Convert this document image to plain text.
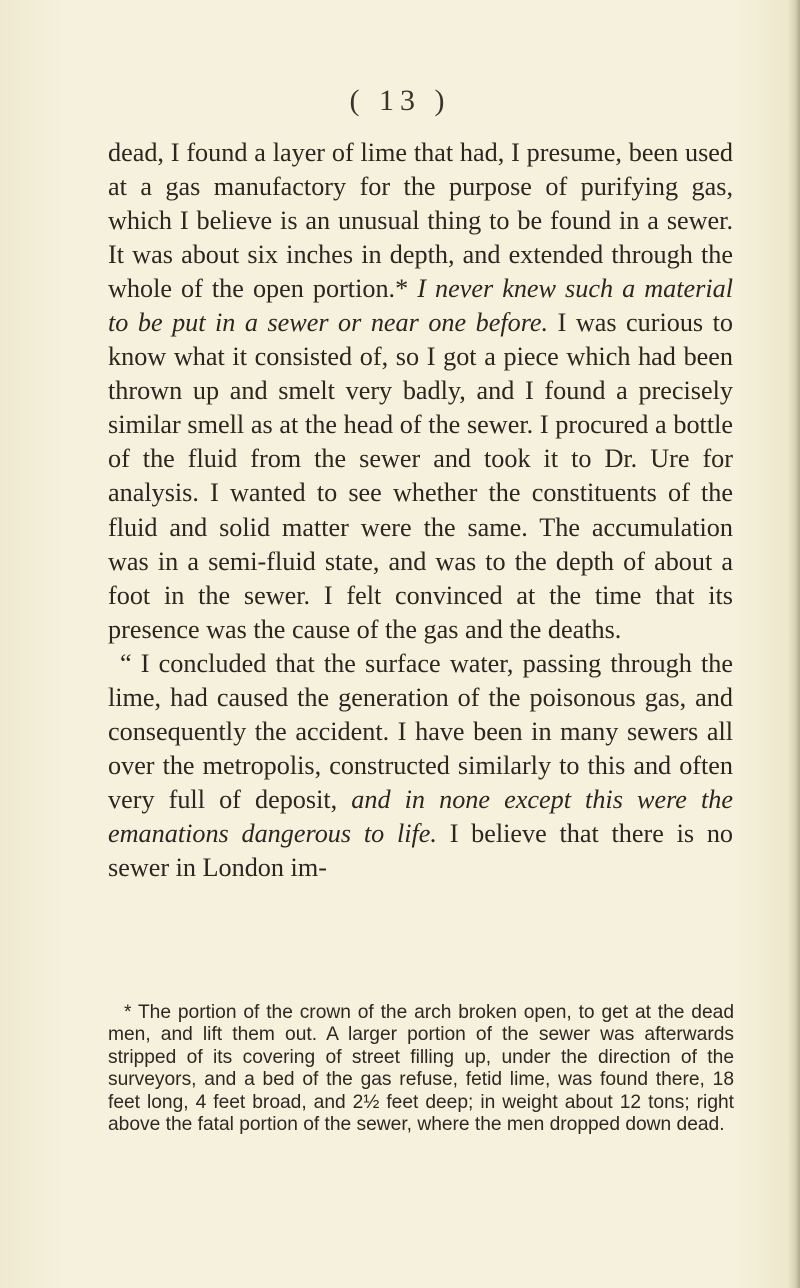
( 13 )

dead, I found a layer of lime that had, I presume, been used at a gas manufactory for the purpose of purifying gas, which I believe is an unusual thing to be found in a sewer. It was about six inches in depth, and extended through the whole of the open portion.* I never knew such a material to be put in a sewer or near one before. I was curious to know what it consisted of, so I got a piece which had been thrown up and smelt very badly, and I found a precisely similar smell as at the head of the sewer. I procured a bottle of the fluid from the sewer and took it to Dr. Ure for analysis. I wanted to see whether the constituents of the fluid and solid matter were the same. The accumulation was in a semi-fluid state, and was to the depth of about a foot in the sewer. I felt convinced at the time that its presence was the cause of the gas and the deaths.

“ I concluded that the surface water, passing through the lime, had caused the generation of the poisonous gas, and consequently the accident. I have been in many sewers all over the metropolis, constructed similarly to this and often very full of deposit, and in none except this were the emanations dangerous to life. I believe that there is no sewer in London im-

* The portion of the crown of the arch broken open, to get at the dead men, and lift them out. A larger portion of the sewer was afterwards stripped of its covering of street filling up, under the direction of the surveyors, and a bed of the gas refuse, fetid lime, was found there, 18 feet long, 4 feet broad, and 2½ feet deep; in weight about 12 tons; right above the fatal portion of the sewer, where the men dropped down dead.
